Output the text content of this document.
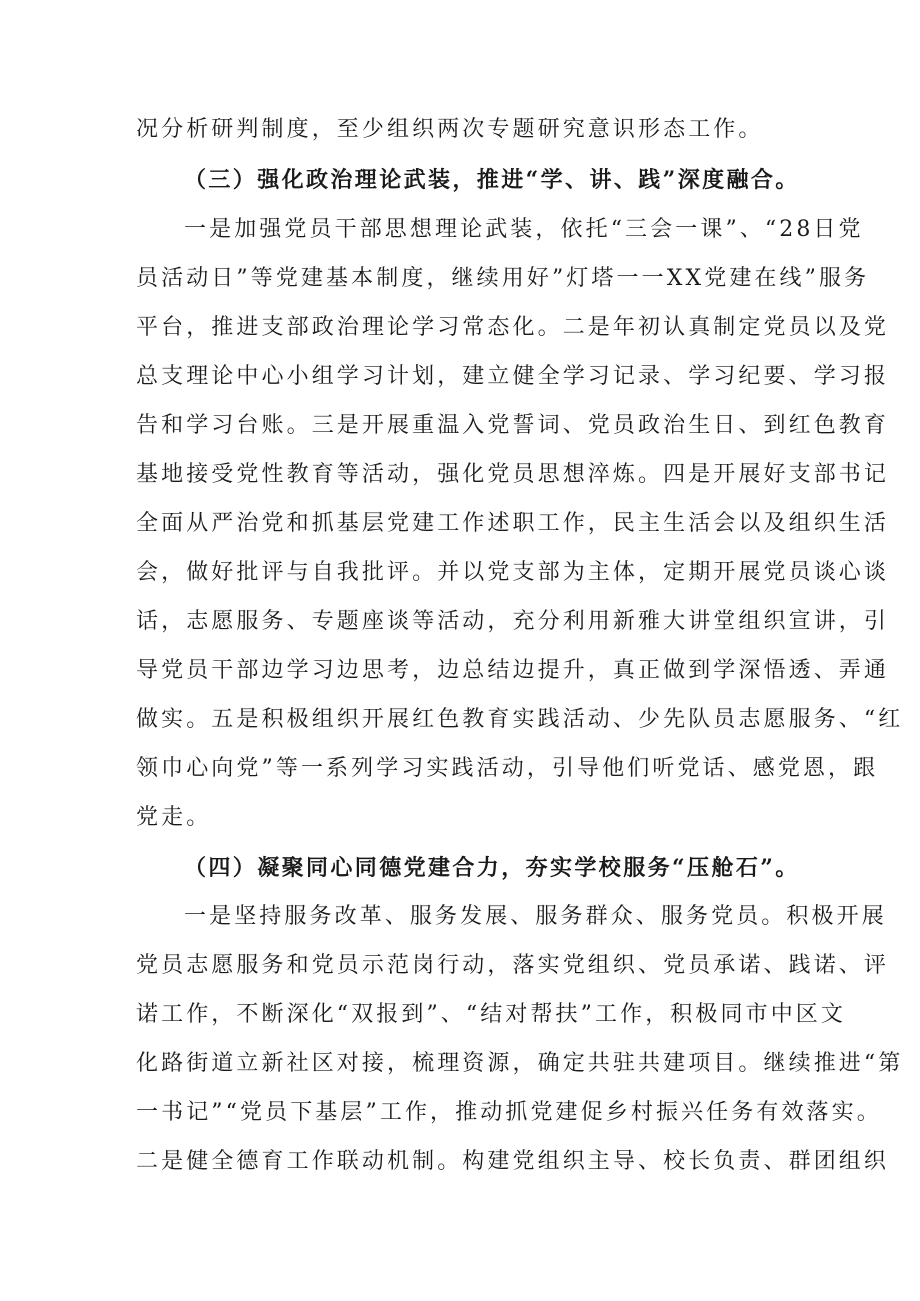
况分析研判制度，至少组织两次专题研究意识形态工作。
（三）强化政治理论武装，推进“学、讲、践”深度融合。
一是加强党员干部思想理论武装，依托“三会一课”、“28日党
员活动日”等党建基本制度，继续用好”灯塔一一XX党建在线”服务
平台，推进支部政治理论学习常态化。二是年初认真制定党员以及党
总支理论中心小组学习计划，建立健全学习记录、学习纪要、学习报
告和学习台账。三是开展重温入党誓词、党员政治生日、到红色教育
基地接受党性教育等活动，强化党员思想淬炼。四是开展好支部书记
全面从严治党和抓基层党建工作述职工作，民主生活会以及组织生活
会，做好批评与自我批评。并以党支部为主体，定期开展党员谈心谈
话，志愿服务、专题座谈等活动，充分利用新雅大讲堂组织宣讲，引
导党员干部边学习边思考，边总结边提升，真正做到学深悟透、弄通
做实。五是积极组织开展红色教育实践活动、少先队员志愿服务、“红
领巾心向党”等一系列学习实践活动，引导他们听党话、感党恩，跟
党走。
（四）凝聚同心同德党建合力，夯实学校服务“压舱石”。
一是坚持服务改革、服务发展、服务群众、服务党员。积极开展
党员志愿服务和党员示范岗行动，落实党组织、党员承诺、践诺、评
诺工作，不断深化“双报到”、“结对帮扶”工作，积极同市中区文
化路街道立新社区对接，梳理资源，确定共驻共建项目。继续推进“第
一书记”“党员下基层”工作，推动抓党建促乡村振兴任务有效落实。
二是健全德育工作联动机制。构建党组织主导、校长负责、群团组织
